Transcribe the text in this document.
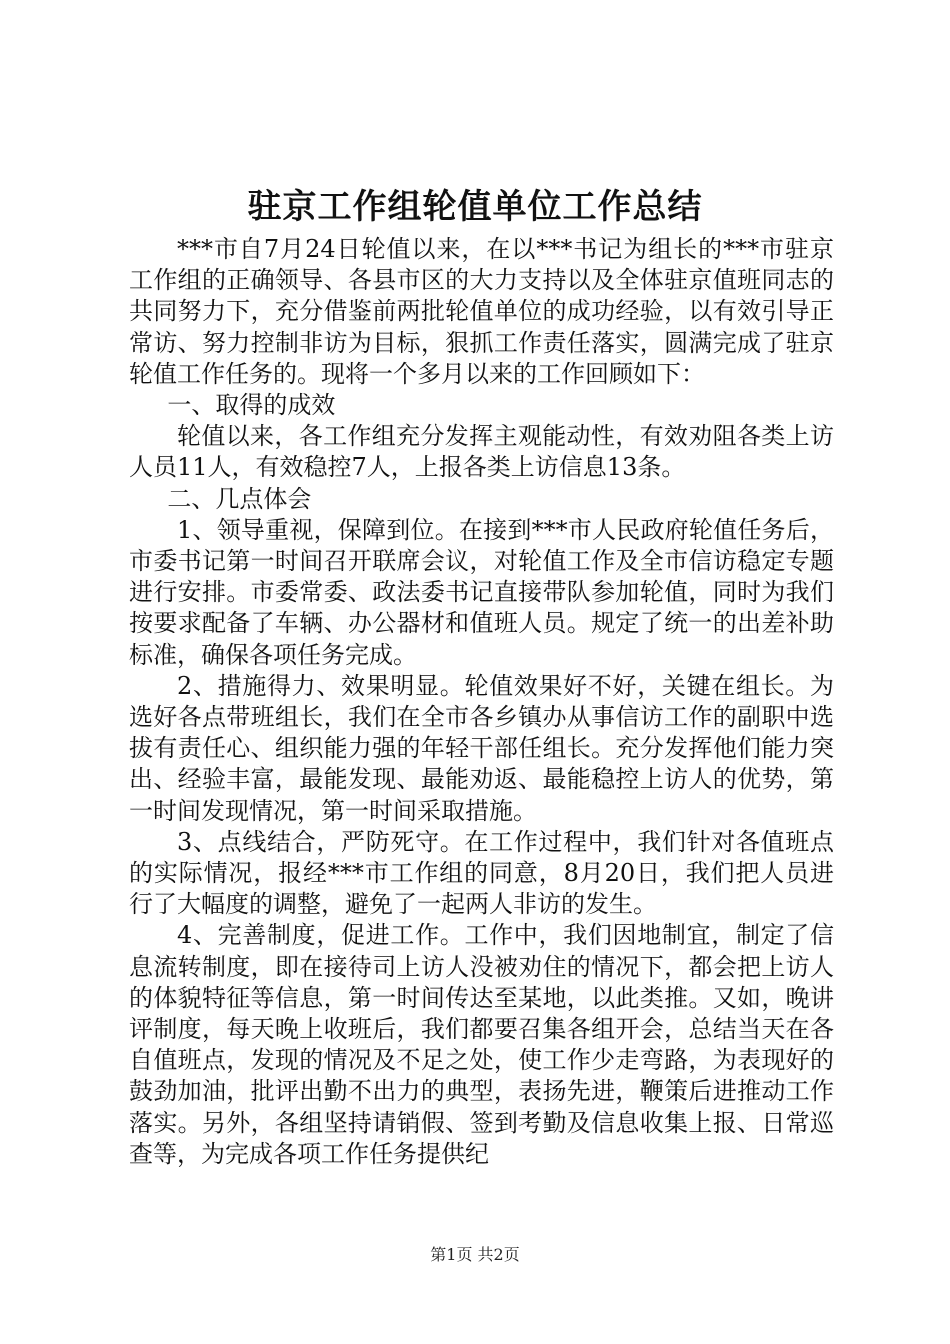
驻京工作组轮值单位工作总结

***市自7月24日轮值以来，在以***书记为组长的***市驻京工作组的正确领导、各县市区的大力支持以及全体驻京值班同志的共同努力下，充分借鉴前两批轮值单位的成功经验，以有效引导正常访、努力控制非访为目标，狠抓工作责任落实，圆满完成了驻京轮值工作任务的。现将一个多月以来的工作回顾如下：

一、取得的成效

轮值以来，各工作组充分发挥主观能动性，有效劝阻各类上访人员11人，有效稳控7人，上报各类上访信息13条。

二、几点体会

1、领导重视，保障到位。在接到***市人民政府轮值任务后，市委书记第一时间召开联席会议，对轮值工作及全市信访稳定专题进行安排。市委常委、政法委书记直接带队参加轮值，同时为我们按要求配备了车辆、办公器材和值班人员。规定了统一的出差补助标准，确保各项任务完成。

2、措施得力、效果明显。轮值效果好不好，关键在组长。为选好各点带班组长，我们在全市各乡镇办从事信访工作的副职中选拔有责任心、组织能力强的年轻干部任组长。充分发挥他们能力突出、经验丰富，最能发现、最能劝返、最能稳控上访人的优势，第一时间发现情况，第一时间采取措施。

3、点线结合，严防死守。在工作过程中，我们针对各值班点的实际情况，报经***市工作组的同意，8月20日，我们把人员进行了大幅度的调整，避免了一起两人非访的发生。

4、完善制度，促进工作。工作中，我们因地制宜，制定了信息流转制度，即在接待司上访人没被劝住的情况下，都会把上访人的体貌特征等信息，第一时间传达至某地，以此类推。又如，晚讲评制度，每天晚上收班后，我们都要召集各组开会，总结当天在各自值班点，发现的情况及不足之处，使工作少走弯路，为表现好的鼓劲加油，批评出勤不出力的典型，表扬先进，鞭策后进推动工作落实。另外，各组坚持请销假、签到考勤及信息收集上报、日常巡查等，为完成各项工作任务提供纪

第1页 共2页
